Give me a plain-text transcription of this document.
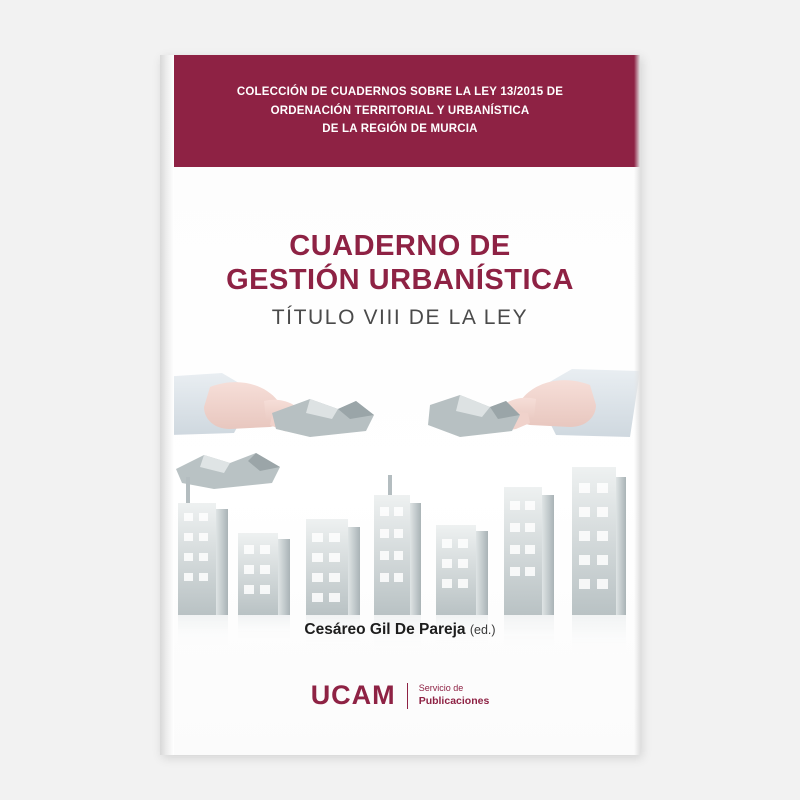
COLECCIÓN DE CUADERNOS SOBRE LA LEY 13/2015 DE
ORDENACIÓN TERRITORIAL Y URBANÍSTICA
DE LA REGIÓN DE MURCIA
CUADERNO DE
GESTIÓN URBANÍSTICA
TÍTULO VIII DE LA LEY
Cesáreo Gil De Pareja (ed.)
UCAM	Servicio de
Publicaciones
